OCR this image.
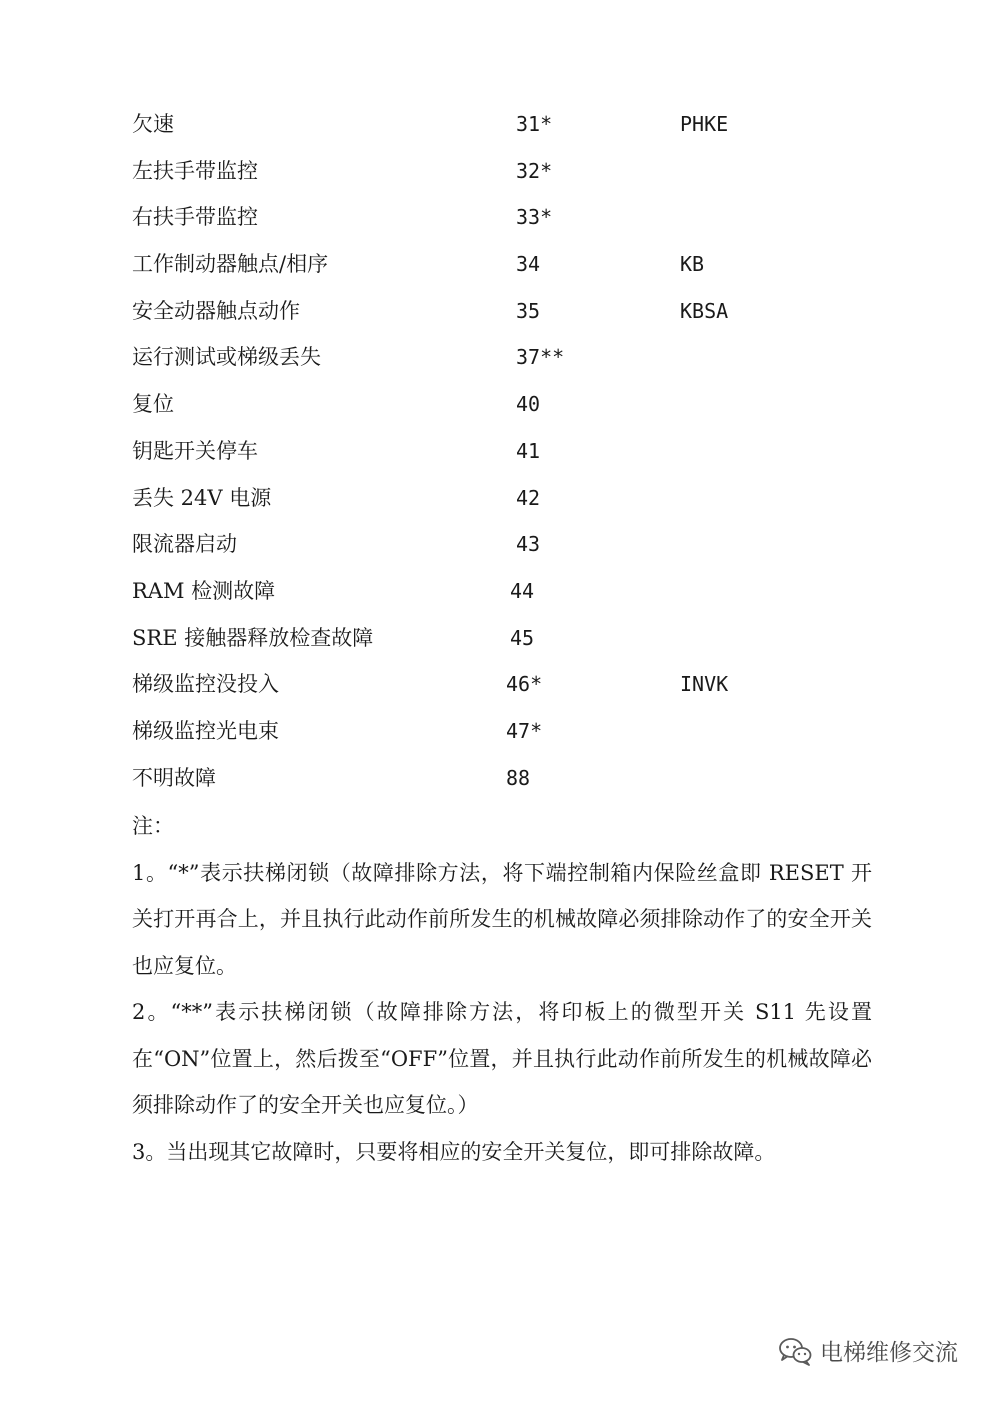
欠速	31*	PHKE
左扶手带监控	32*
右扶手带监控	33*
工作制动器触点/相序	34	KB
安全动器触点动作	35	KBSA
运行测试或梯级丢失	37**
复位	40
钥匙开关停车	41
丢失 24V 电源	42
限流器启动	43
RAM 检测故障	44
SRE 接触器释放检查故障	45
梯级监控没投入	46*	INVK
梯级监控光电束	47*
不明故障	88

注：

1。“*”表示扶梯闭锁（故障排除方法，将下端控制箱内保险丝盒即 RESET 开关打开再合上，并且执行此动作前所发生的机械故障必须排除动作了的安全开关也应复位。

2。“**”表示扶梯闭锁（故障排除方法，将印板上的微型开关 S11 先设置在“ON”位置上，然后拨至“OFF”位置，并且执行此动作前所发生的机械故障必须排除动作了的安全开关也应复位。）

3。当出现其它故障时，只要将相应的安全开关复位，即可排除故障。

电梯维修交流
